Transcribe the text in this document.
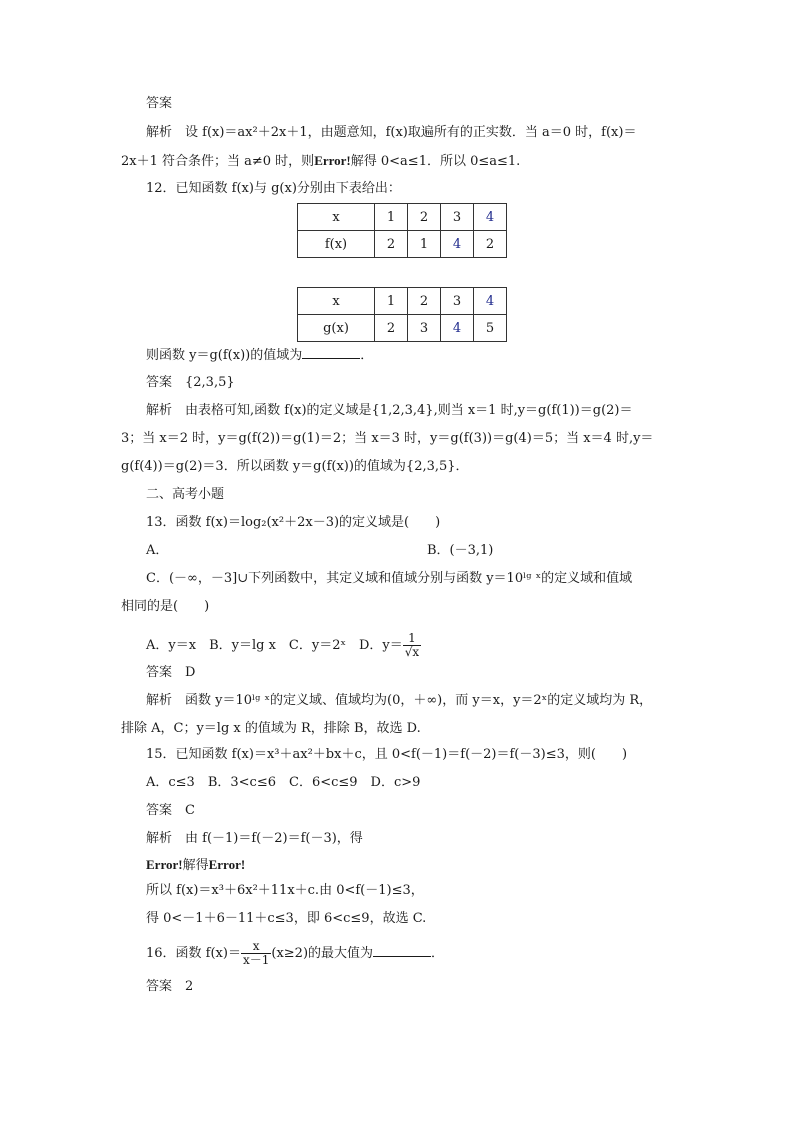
答案
解析　设 f(x)＝ax²＋2x＋1，由题意知，f(x)取遍所有的正实数．当 a＝0 时，f(x)＝
2x＋1 符合条件；当 a≠0 时，则Error!解得 0<a≤1．所以 0≤a≤1.
12．已知函数 f(x)与 g(x)分别由下表给出：
x	1	2	3	4
f(x)	2	1	4	2
x	1	2	3	4
g(x)	2	3	4	5
则函数 y＝g(f(x))的值域为	．
答案　{2,3,5}
解析　由表格可知,函数 f(x)的定义域是{1,2,3,4},则当 x＝1 时,y＝g(f(1))＝g(2)＝
3；当 x＝2 时，y＝g(f(2))＝g(1)＝2；当 x＝3 时，y＝g(f(3))＝g(4)＝5；当 x＝4 时,y＝
g(f(4))＝g(2)＝3．所以函数 y＝g(f(x))的值域为{2,3,5}．
二、高考小题
13．函数 f(x)＝log₂(x²＋2x－3)的定义域是(　　)
A．	B．(－3,1)
C．(－∞，－3]∪下列函数中，其定义域和值域分别与函数 y＝10ˡᵍ ˣ的定义域和值域
相同的是(　　)
A．y＝x　B．y＝lg x　C．y＝2ˣ　D．$y= \frac{1}{√x}$
答案　D
解析　函数 y＝10ˡᵍ ˣ的定义域、值域均为(0，＋∞)，而 y＝x，y＝2ˣ的定义域均为 R，
排除 A，C；y＝lg x 的值域为 R，排除 B，故选 D.
15．已知函数 f(x)＝x³＋ax²＋bx＋c，且 0<f(－1)＝f(－2)＝f(－3)≤3，则(　　)
A．c≤3　B．3<c≤6　C．6<c≤9　D．c>9
答案　C
解析　由 f(－1)＝f(－2)＝f(－3)，得
Error!解得Error!
所以 f(x)＝x³＋6x²＋11x＋c.由 0<f(－1)≤3，
得 0<－1＋6－11＋c≤3，即 6<c≤9，故选 C.
16．函数 $f(x)= \frac{x}{x-1} (x\ge 2)$的最大值为	．
答案　2
